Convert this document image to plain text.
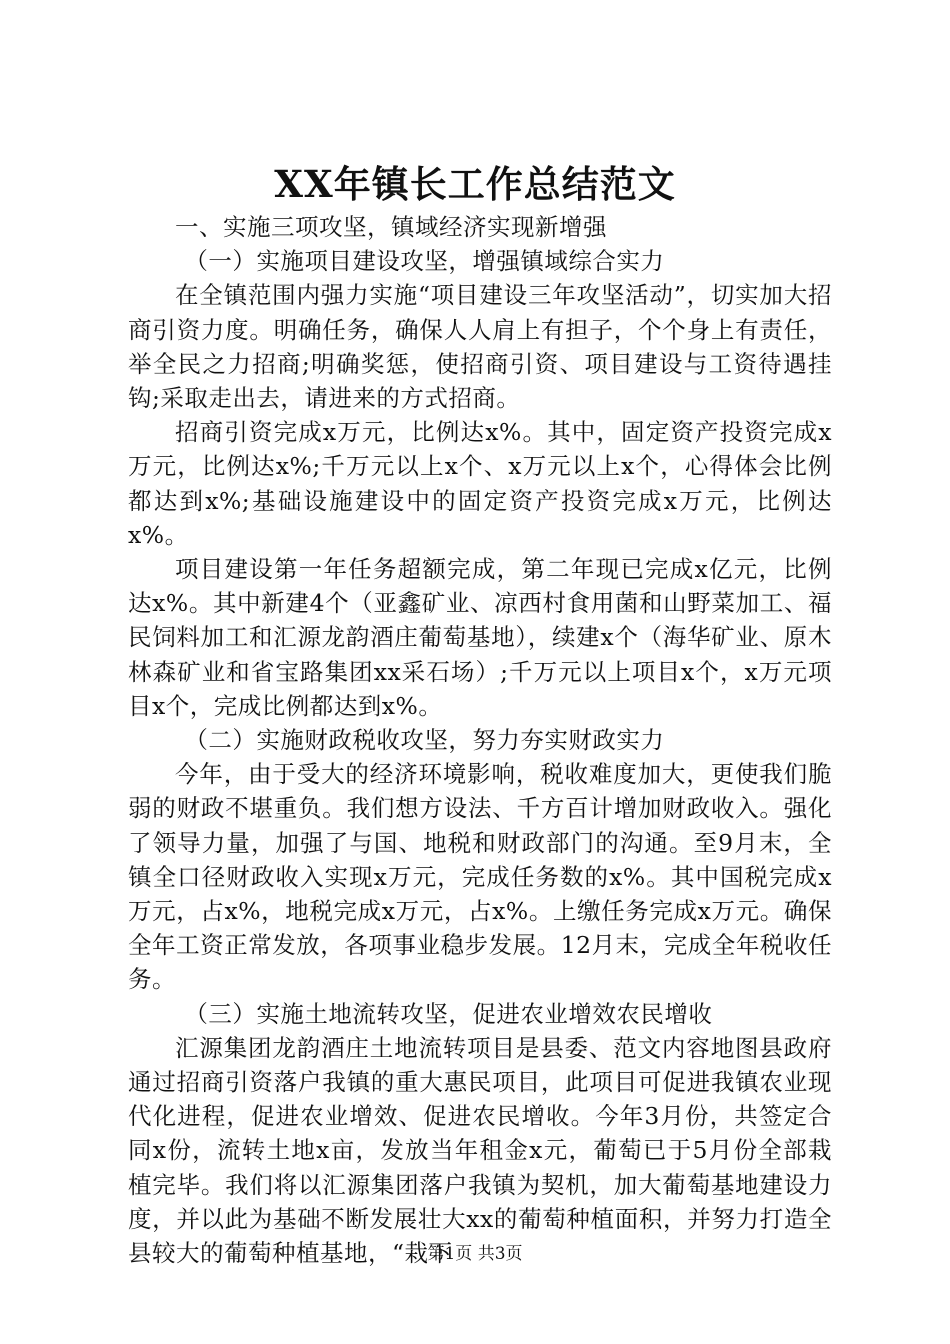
XX年镇长工作总结范文

一、实施三项攻坚，镇域经济实现新增强

（一）实施项目建设攻坚，增强镇域综合实力

在全镇范围内强力实施“项目建设三年攻坚活动”，切实加大招商引资力度。明确任务，确保人人肩上有担子，个个身上有责任，举全民之力招商;明确奖惩，使招商引资、项目建设与工资待遇挂钩;采取走出去，请进来的方式招商。

招商引资完成x万元，比例达x%。其中，固定资产投资完成x万元，比例达x%;千万元以上x个、x万元以上x个，心得体会比例都达到x%;基础设施建设中的固定资产投资完成x万元，比例达x%。

项目建设第一年任务超额完成，第二年现已完成x亿元，比例达x%。其中新建4个（亚鑫矿业、凉西村食用菌和山野菜加工、福民饲料加工和汇源龙韵酒庄葡萄基地），续建x个（海华矿业、原木林森矿业和省宝路集团xx采石场）;千万元以上项目x个，x万元项目x个，完成比例都达到x%。

（二）实施财政税收攻坚，努力夯实财政实力

今年，由于受大的经济环境影响，税收难度加大，更使我们脆弱的财政不堪重负。我们想方设法、千方百计增加财政收入。强化了领导力量，加强了与国、地税和财政部门的沟通。至9月末，全镇全口径财政收入实现x万元，完成任务数的x%。其中国税完成x万元，占x%，地税完成x万元，占x%。上缴任务完成x万元。确保全年工资正常发放，各项事业稳步发展。12月末，完成全年税收任务。

（三）实施土地流转攻坚，促进农业增效农民增收

汇源集团龙韵酒庄土地流转项目是县委、范文内容地图县政府通过招商引资落户我镇的重大惠民项目，此项目可促进我镇农业现代化进程，促进农业增效、促进农民增收。今年3月份，共签定合同x份，流转土地x亩，发放当年租金x元，葡萄已于5月份全部栽植完毕。我们将以汇源集团落户我镇为契机，加大葡萄基地建设力度，并以此为基础不断发展壮大xx的葡萄种植面积，并努力打造全县较大的葡萄种植基地，“栽下

第1页 共3页
